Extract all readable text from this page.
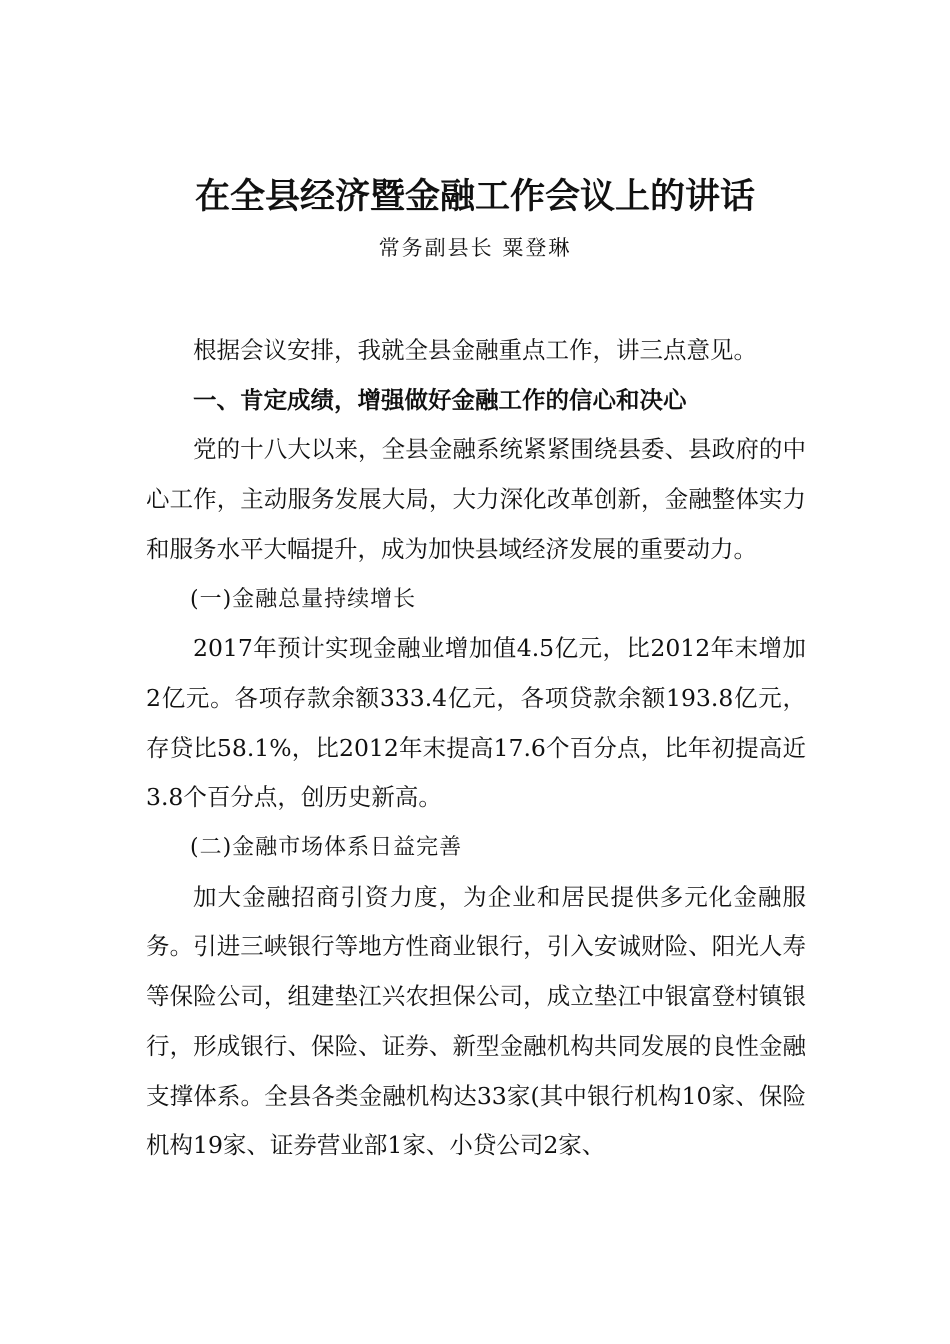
在全县经济暨金融工作会议上的讲话
常务副县长 粟登琳

根据会议安排，我就全县金融重点工作，讲三点意见。

一、肯定成绩，增强做好金融工作的信心和决心

党的十八大以来，全县金融系统紧紧围绕县委、县政府的中心工作，主动服务发展大局，大力深化改革创新，金融整体实力和服务水平大幅提升，成为加快县域经济发展的重要动力。

(一)金融总量持续增长

2017年预计实现金融业增加值4.5亿元，比2012年末增加2亿元。各项存款余额333.4亿元，各项贷款余额193.8亿元，存贷比58.1%，比2012年末提高17.6个百分点，比年初提高近3.8个百分点，创历史新高。

(二)金融市场体系日益完善

加大金融招商引资力度，为企业和居民提供多元化金融服务。引进三峡银行等地方性商业银行，引入安诚财险、阳光人寿等保险公司，组建垫江兴农担保公司，成立垫江中银富登村镇银行，形成银行、保险、证券、新型金融机构共同发展的良性金融支撑体系。全县各类金融机构达33家(其中银行机构10家、保险机构19家、证券营业部1家、小贷公司2家、
